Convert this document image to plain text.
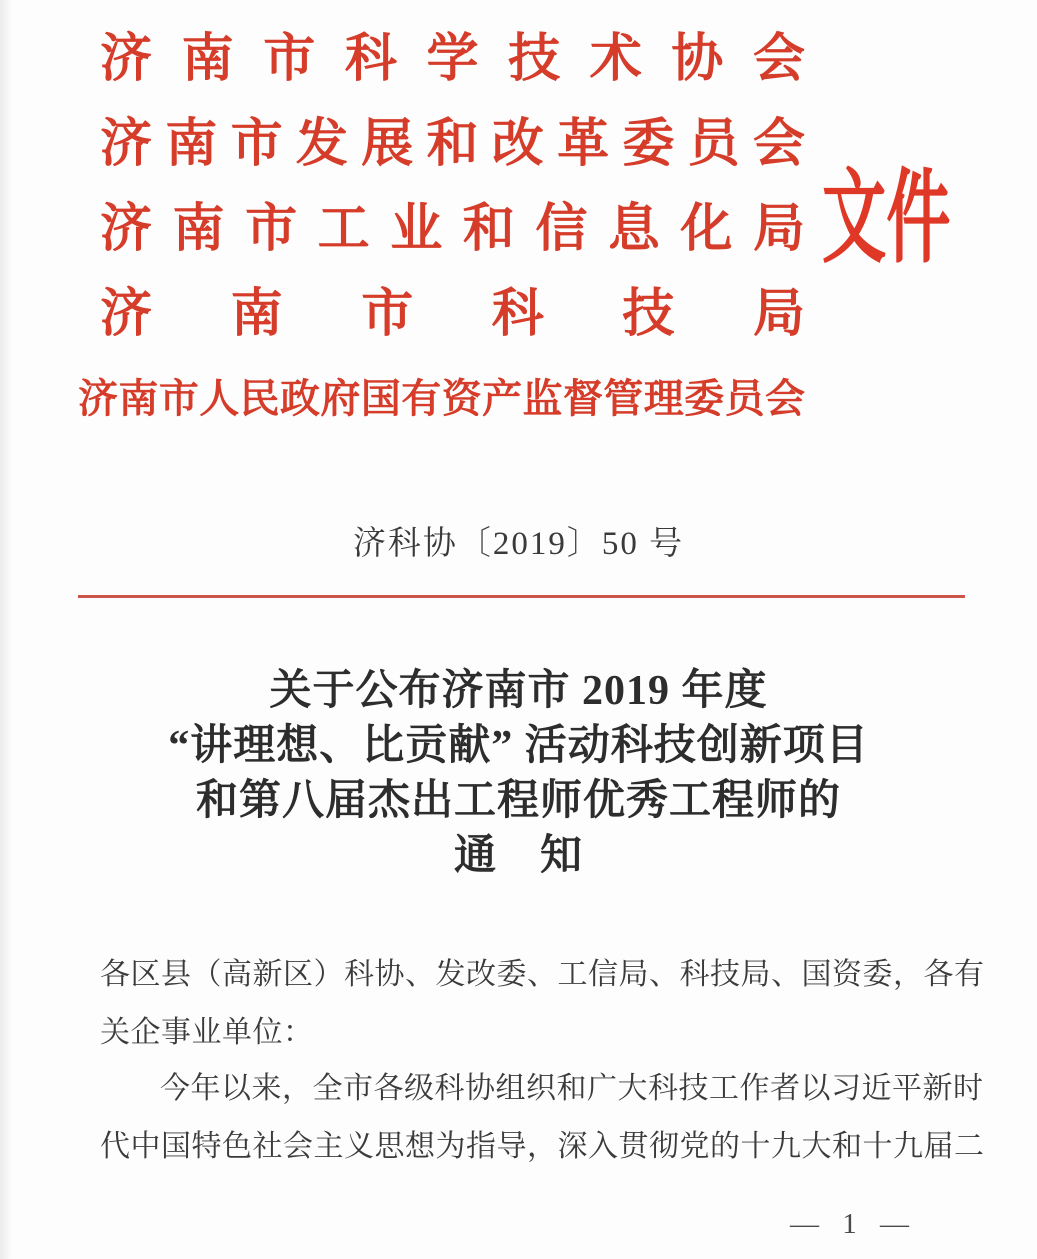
济南市科学技术协会
济南市发展和改革委员会
济南市工业和信息化局
济南市科技局
济南市人民政府国有资产监督管理委员会
文件
济科协〔2019〕50 号
关于公布济南市 2019 年度
“讲理想、比贡献” 活动科技创新项目
和第八届杰出工程师优秀工程师的
通　知
各区县（高新区）科协、发改委、工信局、科技局、国资委，各有
关企事业单位：
今年以来，全市各级科协组织和广大科技工作者以习近平新时
代中国特色社会主义思想为指导，深入贯彻党的十九大和十九届二
— 1 —
